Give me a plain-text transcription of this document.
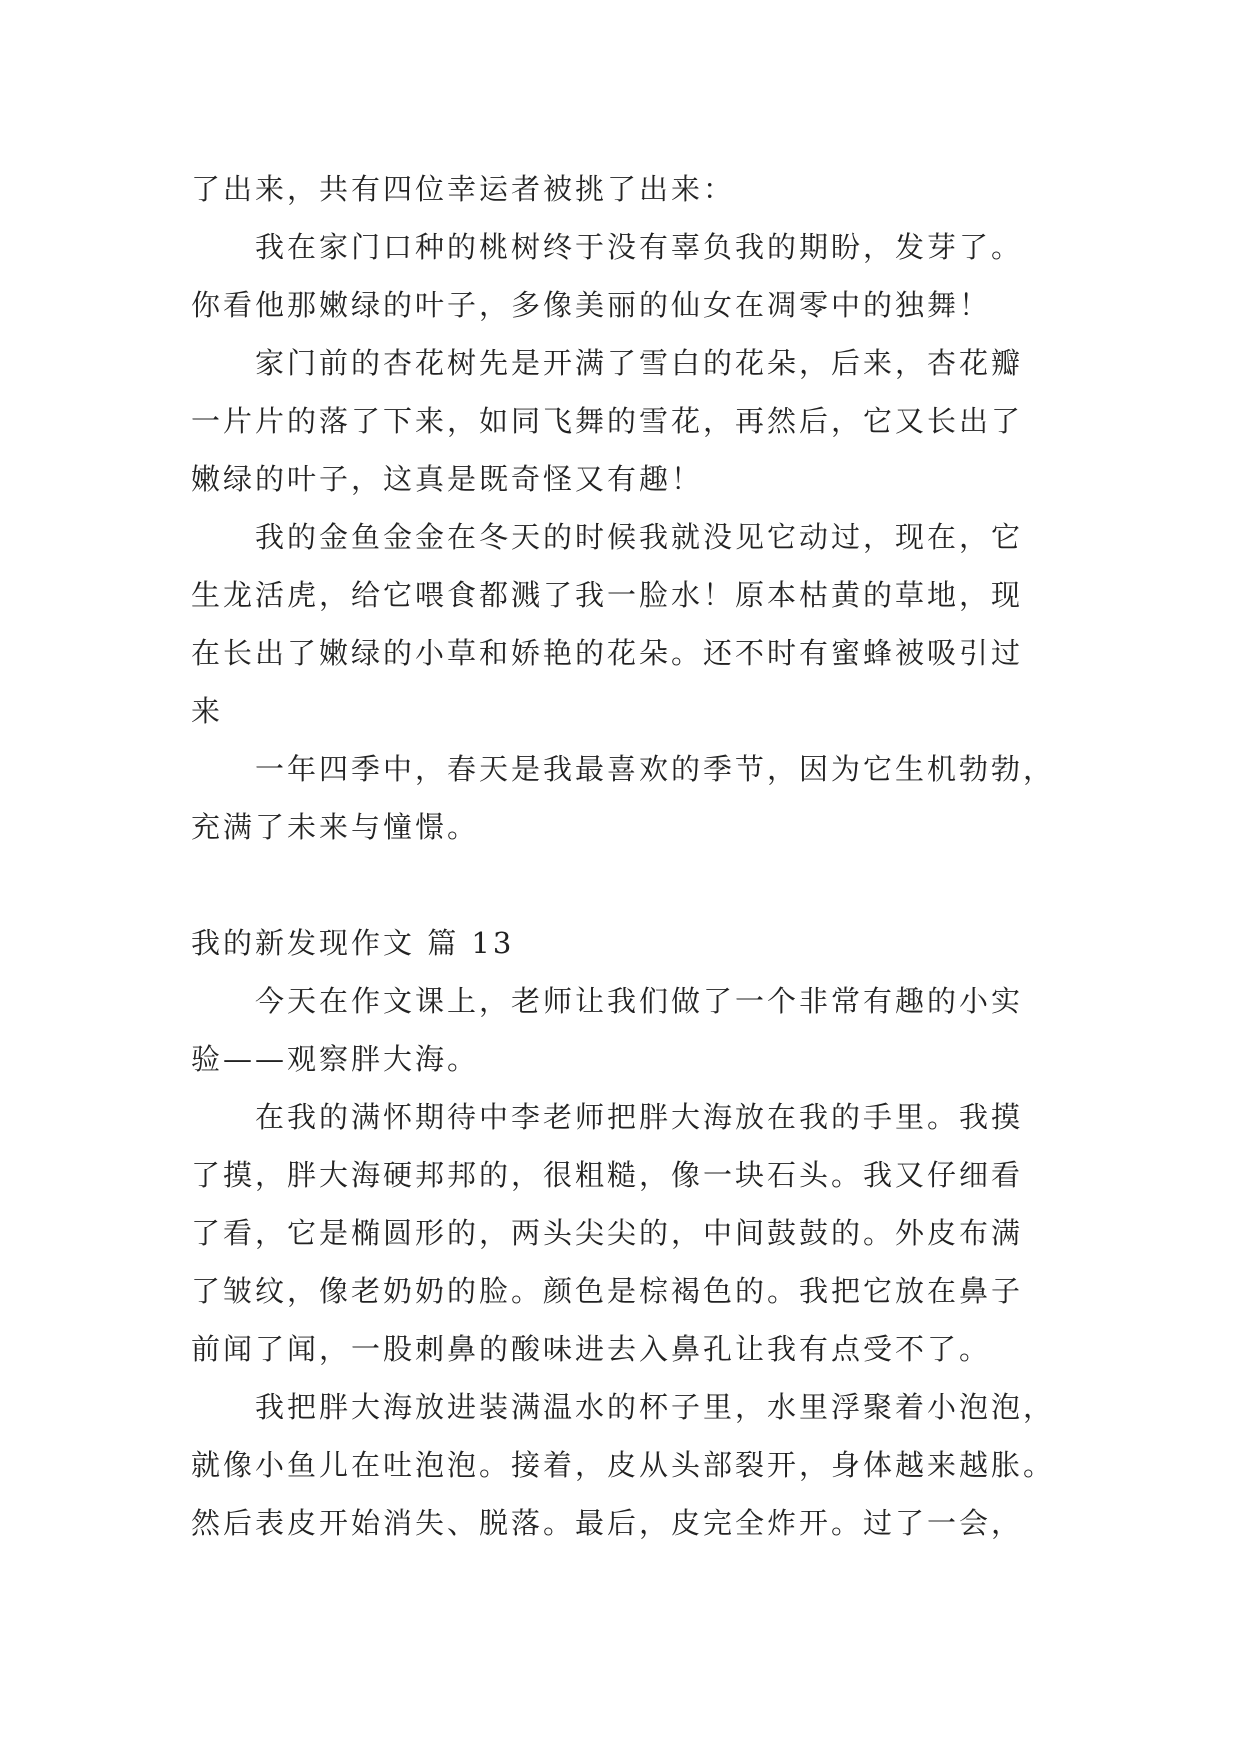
了出来，共有四位幸运者被挑了出来：
我在家门口种的桃树终于没有辜负我的期盼，发芽了。
你看他那嫩绿的叶子，多像美丽的仙女在凋零中的独舞！
家门前的杏花树先是开满了雪白的花朵，后来，杏花瓣
一片片的落了下来，如同飞舞的雪花，再然后，它又长出了
嫩绿的叶子，这真是既奇怪又有趣！
我的金鱼金金在冬天的时候我就没见它动过，现在，它
生龙活虎，给它喂食都溅了我一脸水！原本枯黄的草地，现
在长出了嫩绿的小草和娇艳的花朵。还不时有蜜蜂被吸引过
来
一年四季中，春天是我最喜欢的季节，因为它生机勃勃，
充满了未来与憧憬。
我的新发现作文 篇 13
今天在作文课上，老师让我们做了一个非常有趣的小实
验——观察胖大海。
在我的满怀期待中李老师把胖大海放在我的手里。我摸
了摸，胖大海硬邦邦的，很粗糙，像一块石头。我又仔细看
了看，它是椭圆形的，两头尖尖的，中间鼓鼓的。外皮布满
了皱纹，像老奶奶的脸。颜色是棕褐色的。我把它放在鼻子
前闻了闻，一股刺鼻的酸味进去入鼻孔让我有点受不了。
我把胖大海放进装满温水的杯子里，水里浮聚着小泡泡，
就像小鱼儿在吐泡泡。接着，皮从头部裂开，身体越来越胀。
然后表皮开始消失、脱落。最后，皮完全炸开。过了一会，
